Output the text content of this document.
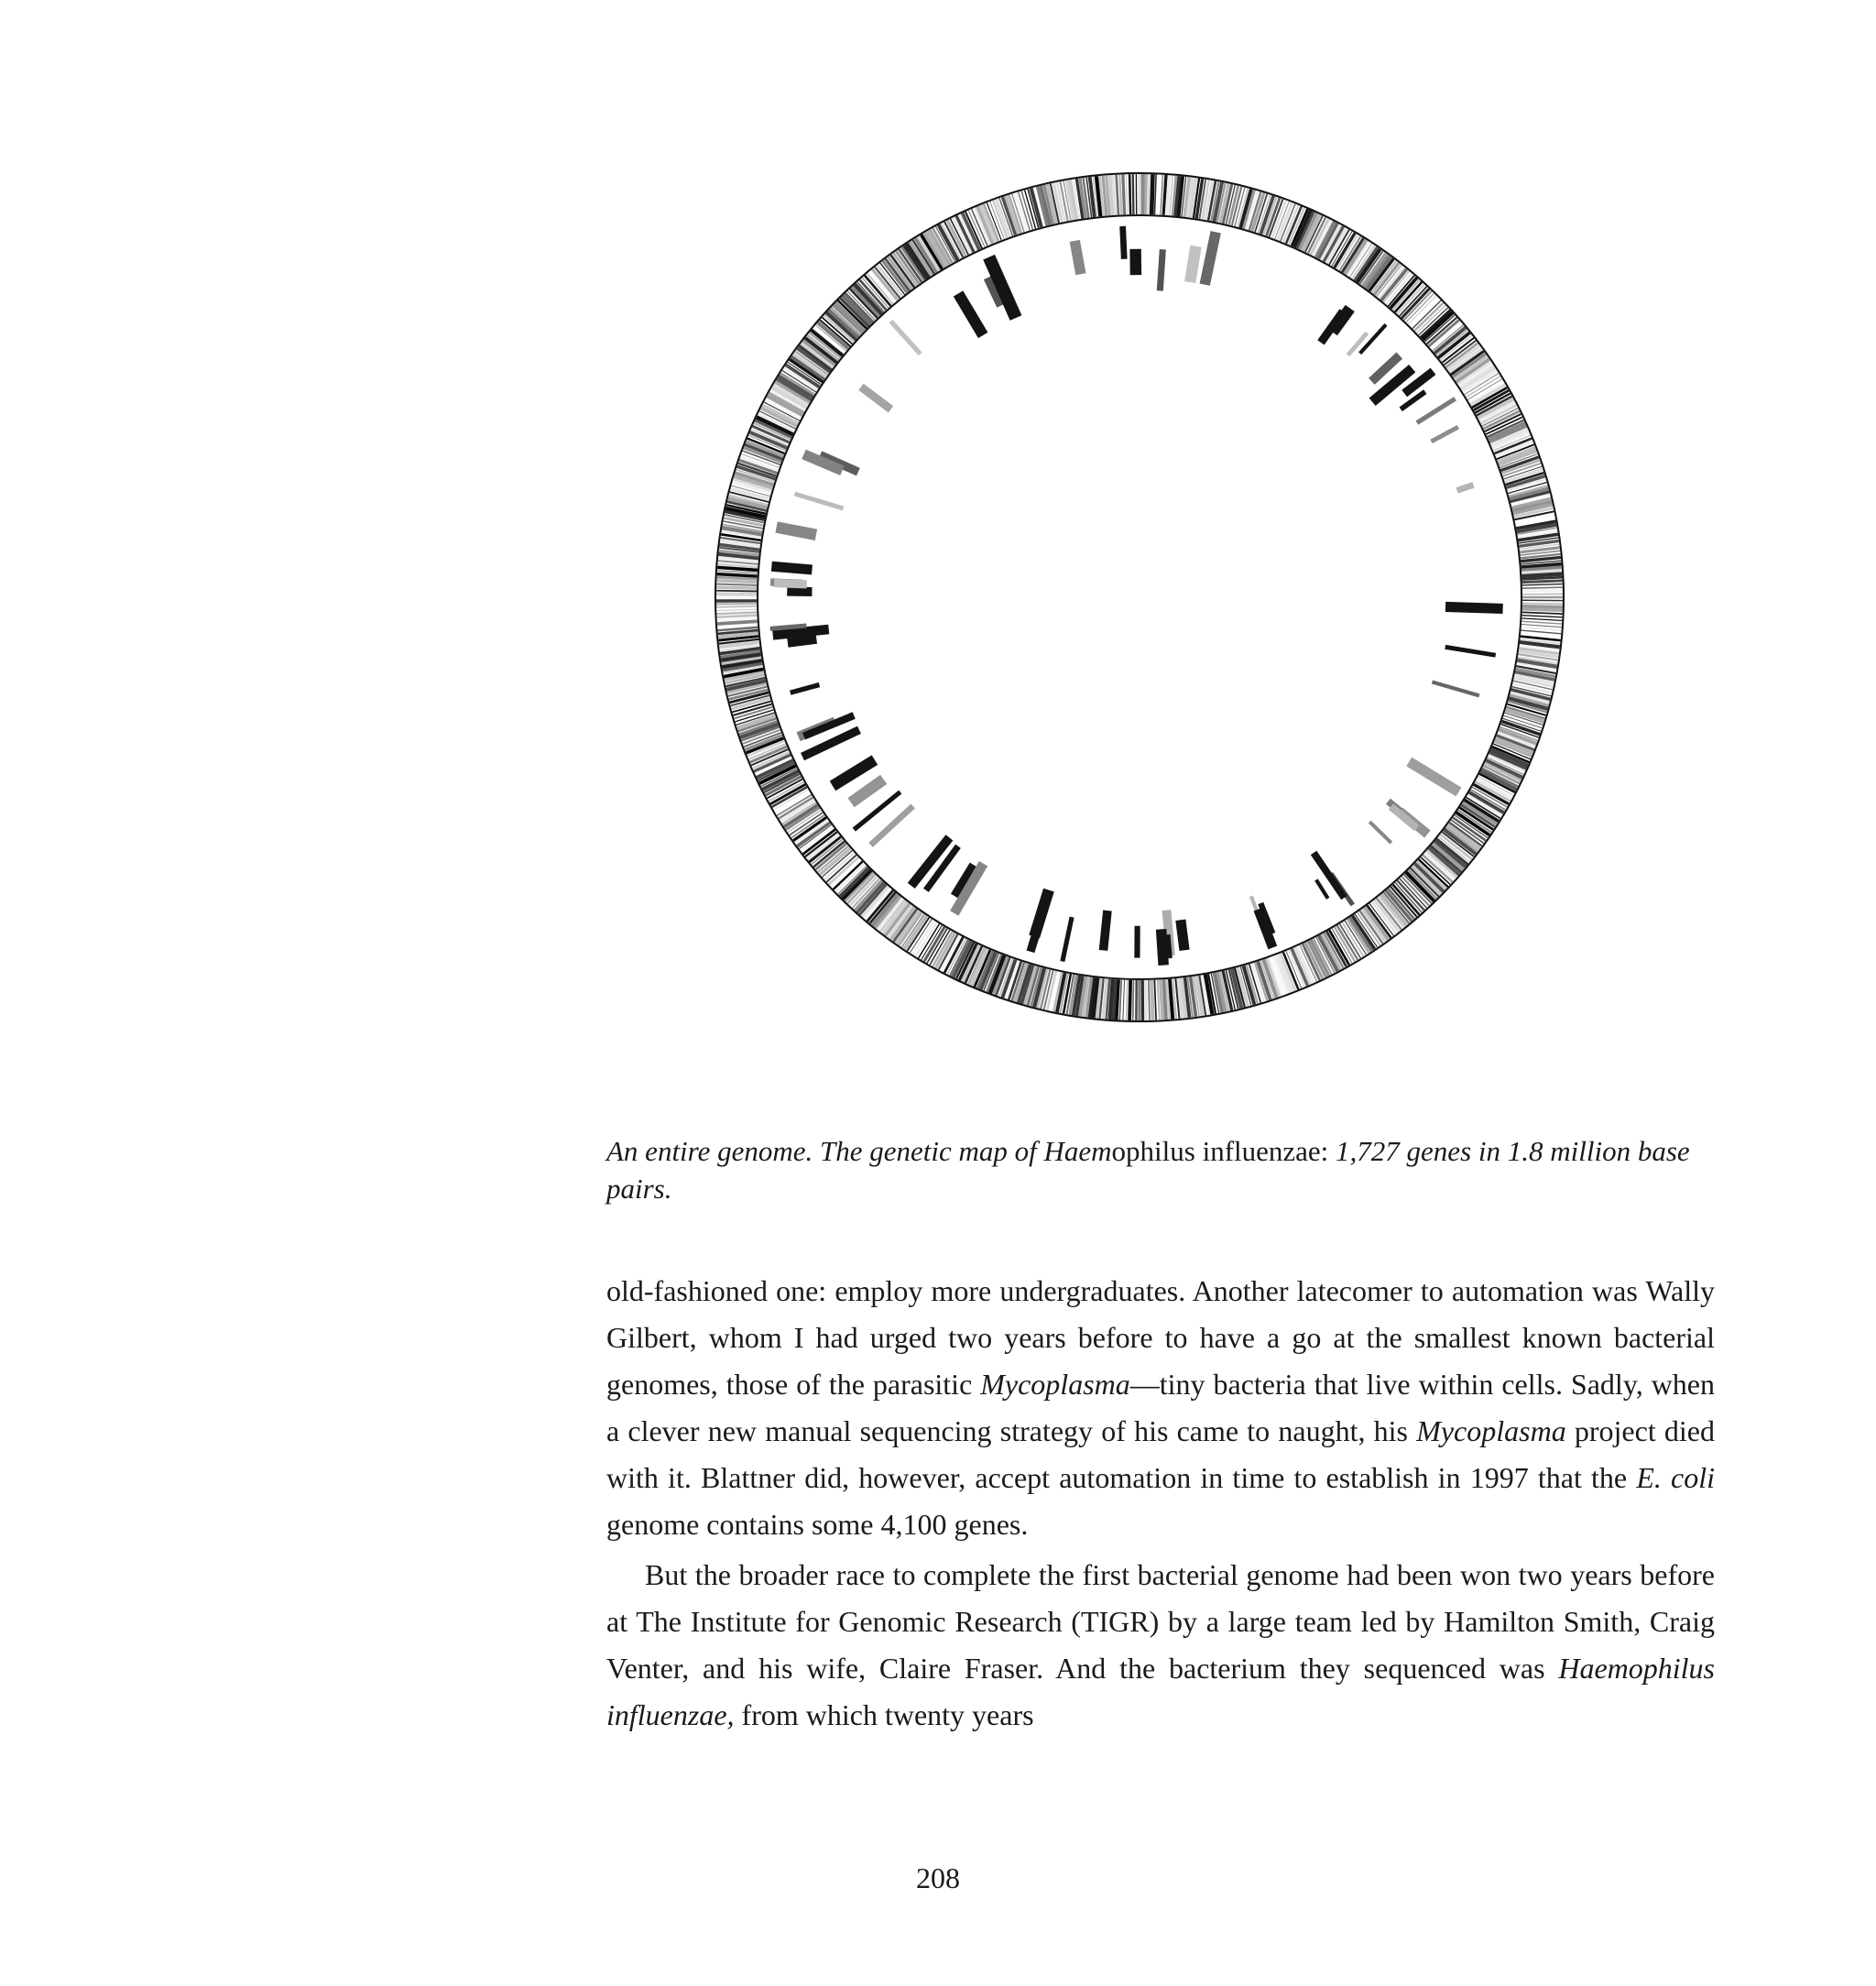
An entire genome. The genetic map of Haemophilus influenzae: 1,727 genes in 1.8 million base pairs.

old-fashioned one: employ more undergraduates. Another latecomer to automation was Wally Gilbert, whom I had urged two years before to have a go at the smallest known bacterial genomes, those of the parasitic Mycoplasma—tiny bacteria that live within cells. Sadly, when a clever new manual sequencing strategy of his came to naught, his Mycoplasma project died with it. Blattner did, however, accept automation in time to establish in 1997 that the E. coli genome contains some 4,100 genes.

But the broader race to complete the first bacterial genome had been won two years before at The Institute for Genomic Research (TIGR) by a large team led by Hamilton Smith, Craig Venter, and his wife, Claire Fraser. And the bacterium they sequenced was Haemophilus influenzae, from which twenty years

208
